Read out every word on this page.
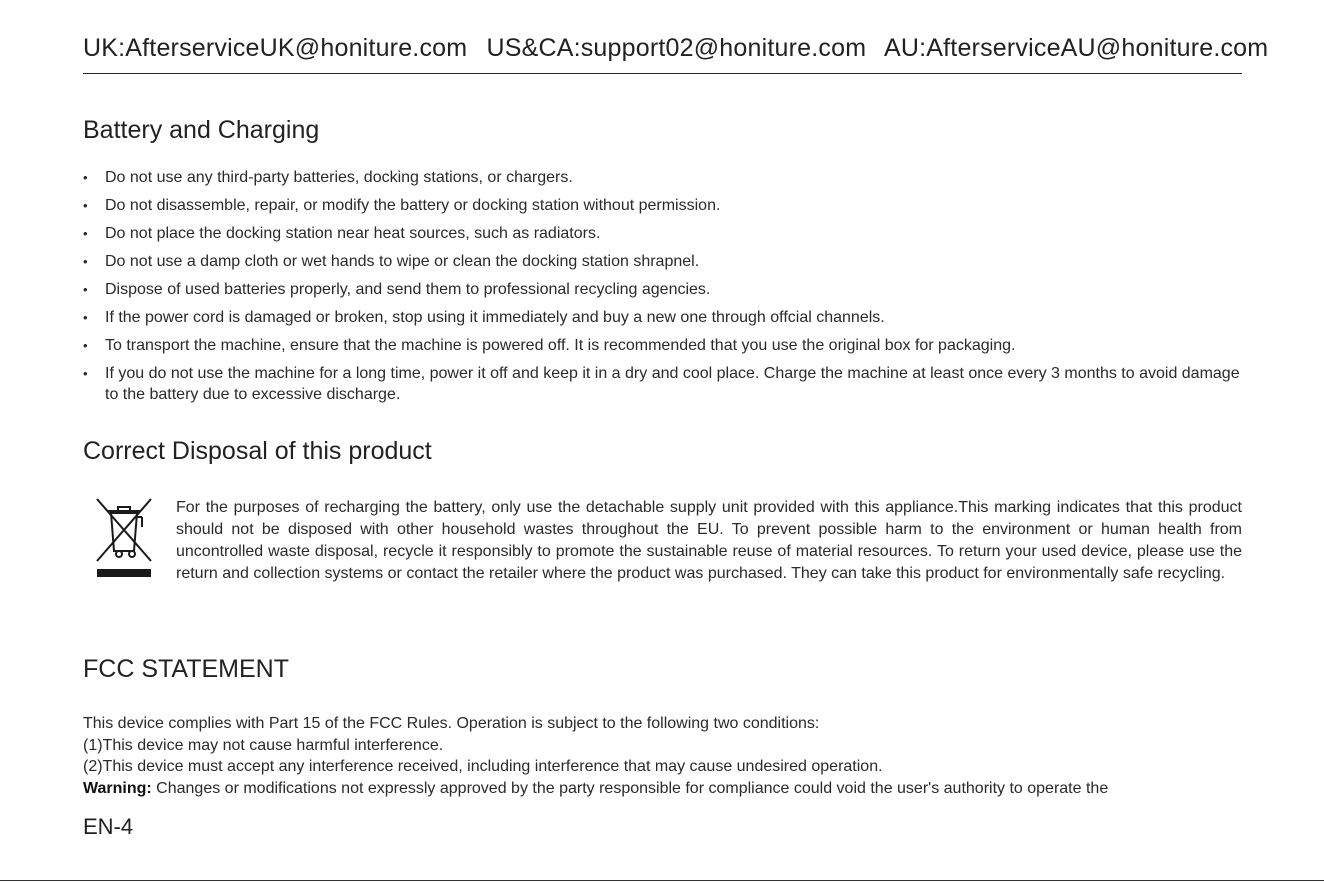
UK:AfterserviceUK@honiture.com US&CA:support02@honiture.com AU:AfterserviceAU@honiture.com
Battery and Charging
• Do not use any third-party batteries, docking stations, or chargers.
• Do not disassemble, repair, or modify the battery or docking station without permission.
• Do not place the docking station near heat sources, such as radiators.
• Do not use a damp cloth or wet hands to wipe or clean the docking station shrapnel.
• Dispose of used batteries properly, and send them to professional recycling agencies.
• If the power cord is damaged or broken, stop using it immediately and buy a new one through offcial channels.
• To transport the machine, ensure that the machine is powered off. It is recommended that you use the original box for packaging.
• If you do not use the machine for a long time, power it off and keep it in a dry and cool place. Charge the machine at least once every 3 months to avoid damage to the battery due to excessive discharge.
Correct Disposal of this product
For the purposes of recharging the battery, only use the detachable supply unit provided with this appliance.This marking indicates that this product should not be disposed with other household wastes throughout the EU. To prevent possible harm to the environment or human health from uncontrolled waste disposal, recycle it responsibly to promote the sustainable reuse of material resources. To return your used device, please use the return and collection systems or contact the retailer where the product was purchased. They can take this product for environmentally safe recycling.
FCC STATEMENT

This device complies with Part 15 of the FCC Rules. Operation is subject to the following two conditions:

(1)This device may not cause harmful interference.

(2)This device must accept any interference received, including interference that may cause undesired operation.

Warning: Changes or modifications not expressly approved by the party responsible for compliance could void the user's authority to operate the

EN-4
